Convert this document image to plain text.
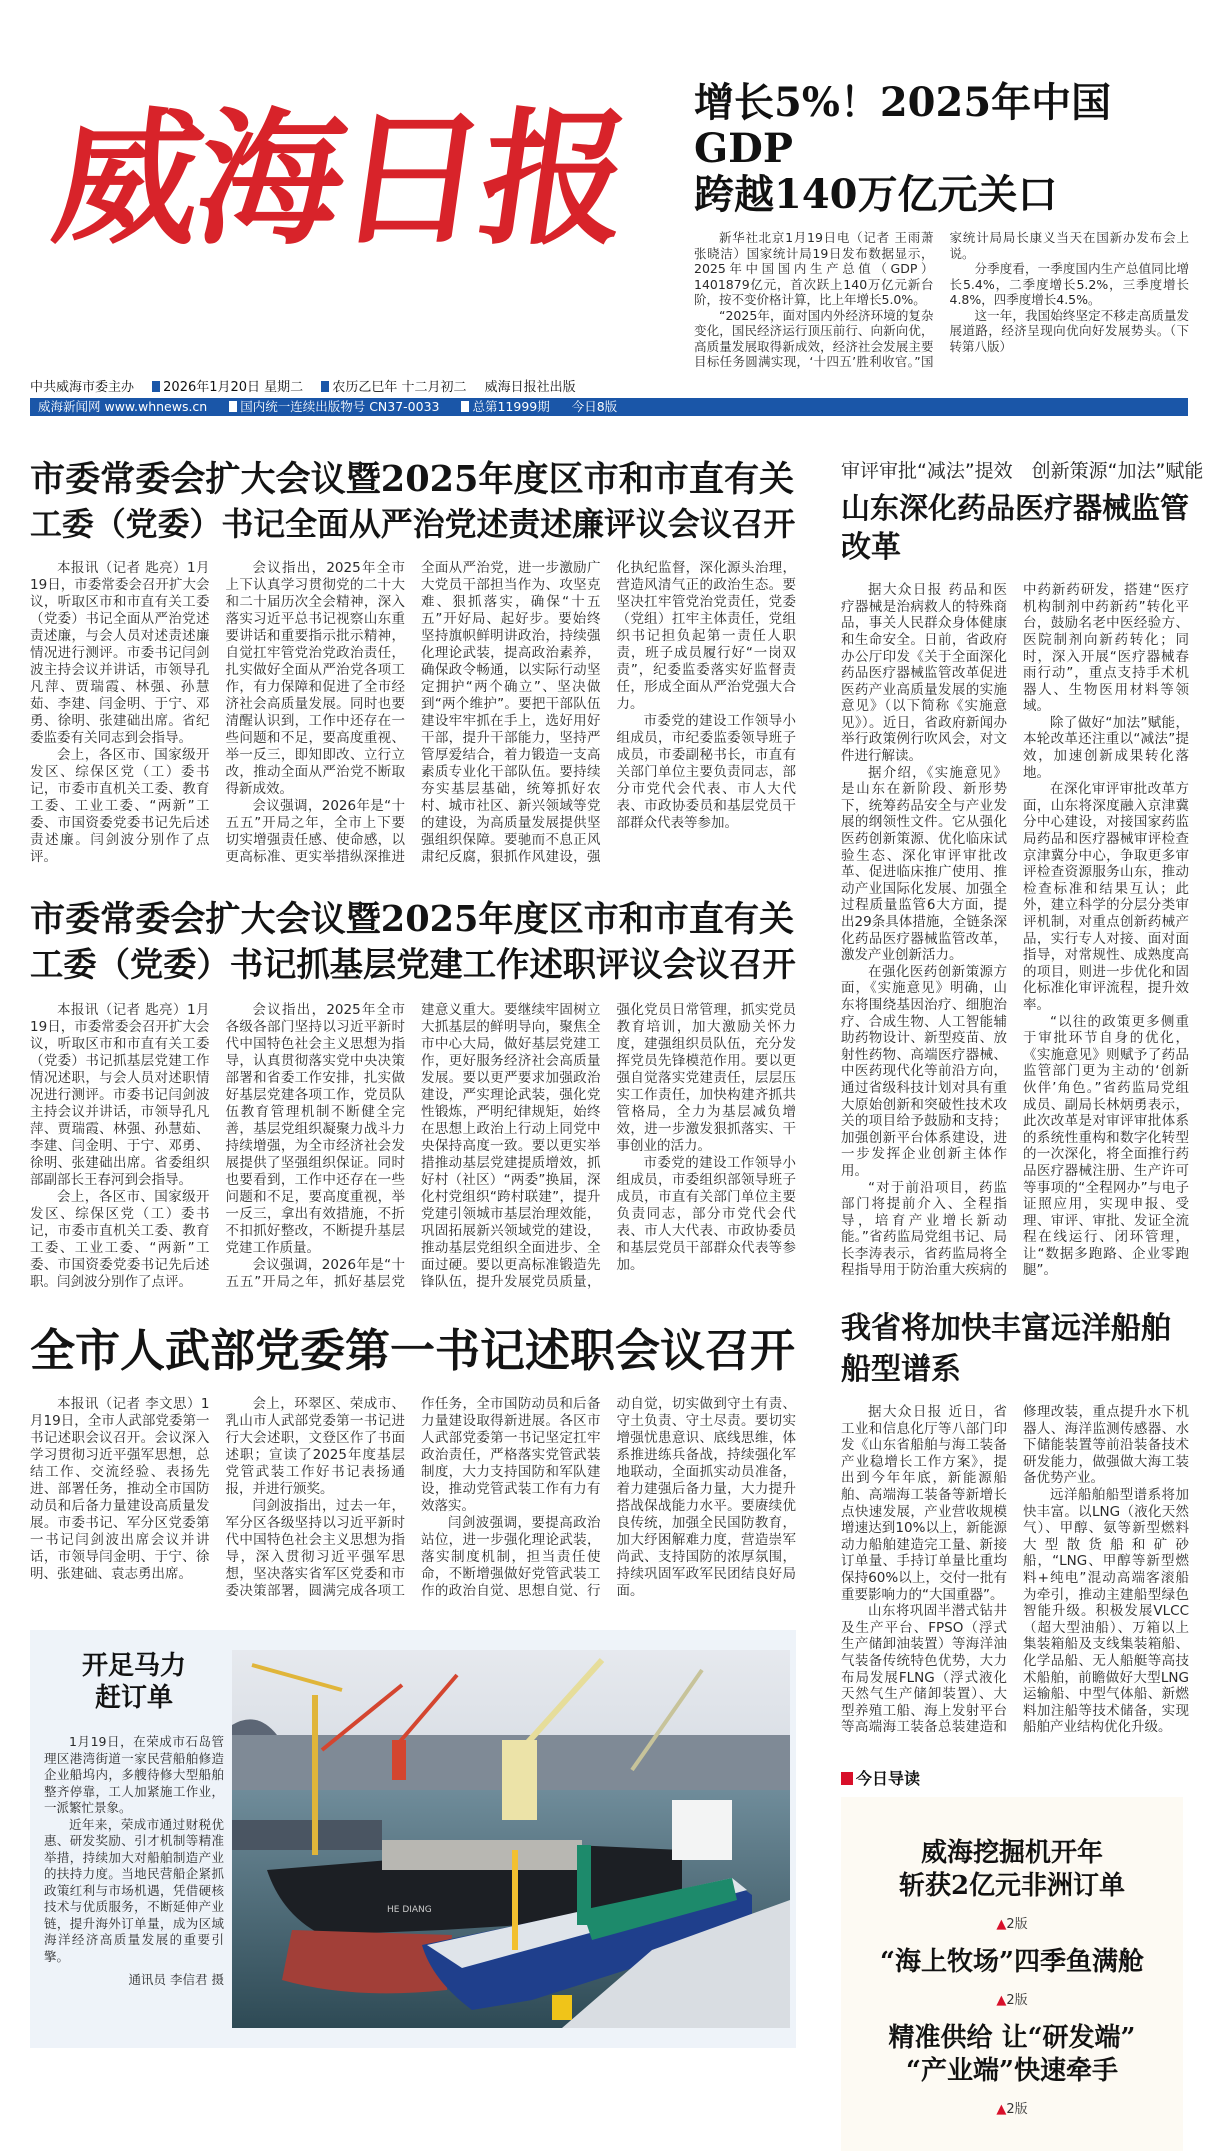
威海日报	增长5%！2025年中国GDP
跨越140万亿元关口

新华社北京1月19日电（记者 王雨萧 张晓洁）国家统计局19日发布数据显示，2025年中国国内生产总值（GDP）1401879亿元，首次跃上140万亿元新台阶，按不变价格计算，比上年增长5.0%。

“2025年，面对国内外经济环境的复杂变化，国民经济运行顶压前行、向新向优，高质量发展取得新成效，经济社会发展主要目标任务圆满实现，‘十四五’胜利收官。”国家统计局局长康义当天在国新办发布会上说。

分季度看，一季度国内生产总值同比增长5.4%，二季度增长5.2%，三季度增长4.8%，四季度增长4.5%。

这一年，我国始终坚定不移走高质量发展道路，经济呈现向优向好发展势头。（下转第八版）

中共威海市委主办 2026年1月20日 星期二 农历乙巳年 十二月初二 威海日报社出版
威海新闻网 www.whnews.cn	国内统一连续出版物号 CN37-0033	总第11999期 今日8版
市委常委会扩大会议暨2025年度区市和市直有关
工委（党委）书记全面从严治党述责述廉评议会议召开

本报讯（记者 匙亮）1月19日，市委常委会召开扩大会议，听取区市和市直有关工委（党委）书记全面从严治党述责述廉，与会人员对述责述廉情况进行测评。市委书记闫剑波主持会议并讲话，市领导孔凡萍、贾瑞霞、林强、孙慧茹、李建、闫金明、于宁、邓勇、徐明、张建础出席。省纪委监委有关同志到会指导。

会上，各区市、国家级开发区、综保区党（工）委书记，市委市直机关工委、教育工委、工业工委、“两新”工委、市国资委党委书记先后述责述廉。闫剑波分别作了点评。

会议指出，2025年全市上下认真学习贯彻党的二十大和二十届历次全会精神，深入落实习近平总书记视察山东重要讲话和重要指示批示精神，自觉扛牢管党治党政治责任，扎实做好全面从严治党各项工作，有力保障和促进了全市经济社会高质量发展。同时也要清醒认识到，工作中还存在一些问题和不足，要高度重视、举一反三，即知即改、立行立改，推动全面从严治党不断取得新成效。

会议强调，2026年是“十五五”开局之年，全市上下要切实增强责任感、使命感，以更高标准、更实举措纵深推进全面从严治党，进一步激励广大党员干部担当作为、攻坚克难、狠抓落实，确保“十五五”开好局、起好步。要始终坚持旗帜鲜明讲政治，持续强化理论武装，提高政治素养，确保政令畅通，以实际行动坚定拥护“两个确立”、坚决做到“两个维护”。要把干部队伍建设牢牢抓在手上，选好用好干部，提升干部能力，坚持严管厚爱结合，着力锻造一支高素质专业化干部队伍。要持续夯实基层基础，统筹抓好农村、城市社区、新兴领域等党的建设，为高质量发展提供坚强组织保障。要驰而不息正风肃纪反腐，狠抓作风建设，强化执纪监督，深化源头治理，营造风清气正的政治生态。要坚决扛牢管党治党责任，党委（党组）扛牢主体责任，党组织书记担负起第一责任人职责，班子成员履行好“一岗双责”，纪委监委落实好监督责任，形成全面从严治党强大合力。

市委党的建设工作领导小组成员，市纪委监委领导班子成员，市委副秘书长，市直有关部门单位主要负责同志，部分市党代会代表、市人大代表、市政协委员和基层党员干部群众代表等参加。

市委常委会扩大会议暨2025年度区市和市直有关
工委（党委）书记抓基层党建工作述职评议会议召开

本报讯（记者 匙亮）1月19日，市委常委会召开扩大会议，听取区市和市直有关工委（党委）书记抓基层党建工作情况述职，与会人员对述职情况进行测评。市委书记闫剑波主持会议并讲话，市领导孔凡萍、贾瑞霞、林强、孙慧茹、李建、闫金明、于宁、邓勇、徐明、张建础出席。省委组织部副部长王春河到会指导。

会上，各区市、国家级开发区、综保区党（工）委书记，市委市直机关工委、教育工委、工业工委、“两新”工委、市国资委党委书记先后述职。闫剑波分别作了点评。

会议指出，2025年全市各级各部门坚持以习近平新时代中国特色社会主义思想为指导，认真贯彻落实党中央决策部署和省委工作安排，扎实做好基层党建各项工作，党员队伍教育管理机制不断健全完善，基层党组织凝聚力战斗力持续增强，为全市经济社会发展提供了坚强组织保证。同时也要看到，工作中还存在一些问题和不足，要高度重视，举一反三，拿出有效措施，不折不扣抓好整改，不断提升基层党建工作质量。

会议强调，2026年是“十五五”开局之年，抓好基层党建意义重大。要继续牢固树立大抓基层的鲜明导向，聚焦全市中心大局，做好基层党建工作，更好服务经济社会高质量发展。要以更严要求加强政治建设，严实理论武装，强化党性锻炼，严明纪律规矩，始终在思想上政治上行动上同党中央保持高度一致。要以更实举措推动基层党建提质增效，抓好村（社区）“两委”换届，深化村党组织“跨村联建”，提升党建引领城市基层治理效能，巩固拓展新兴领域党的建设，推动基层党组织全面进步、全面过硬。要以更高标准锻造先锋队伍，提升发展党员质量，强化党员日常管理，抓实党员教育培训，加大激励关怀力度，建强组织员队伍，充分发挥党员先锋模范作用。要以更强自觉落实党建责任，层层压实工作责任，加快构建齐抓共管格局，全力为基层减负增效，进一步激发狠抓落实、干事创业的活力。

市委党的建设工作领导小组成员，市委组织部领导班子成员，市直有关部门单位主要负责同志，部分市党代会代表、市人大代表、市政协委员和基层党员干部群众代表等参加。

全市人武部党委第一书记述职会议召开

本报讯（记者 李文思）1月19日，全市人武部党委第一书记述职会议召开。会议深入学习贯彻习近平强军思想，总结工作、交流经验、表扬先进、部署任务，推动全市国防动员和后备力量建设高质量发展。市委书记、军分区党委第一书记闫剑波出席会议并讲话，市领导闫金明、于宁、徐明、张建础、袁志勇出席。

会上，环翠区、荣成市、乳山市人武部党委第一书记进行大会述职，文登区作了书面述职；宣读了2025年度基层党管武装工作好书记表扬通报，并进行颁奖。

闫剑波指出，过去一年，军分区各级坚持以习近平新时代中国特色社会主义思想为指导，深入贯彻习近平强军思想，坚决落实省军区党委和市委决策部署，圆满完成各项工作任务，全市国防动员和后备力量建设取得新进展。各区市人武部党委第一书记坚定扛牢政治责任，严格落实党管武装制度，大力支持国防和军队建设，推动党管武装工作有力有效落实。

闫剑波强调，要提高政治站位，进一步强化理论武装，落实制度机制，担当责任使命，不断增强做好党管武装工作的政治自觉、思想自觉、行动自觉，切实做到守土有责、守土负责、守土尽责。要切实增强忧患意识、底线思维，体系推进练兵备战，持续强化军地联动，全面抓实动员准备，着力建强后备力量，大力提升搭战保战能力水平。要赓续优良传统，加强全民国防教育，加大纾困解难力度，营造崇军尚武、支持国防的浓厚氛围，持续巩固军政军民团结良好局面。

开足马力
赶订单

1月19日，在荣成市石岛管理区港湾街道一家民营船舶修造企业船坞内，多艘待修大型船舶整齐停靠，工人加紧施工作业，一派繁忙景象。

近年来，荣成市通过财税优惠、研发奖励、引才机制等精准举措，持续加大对船舶制造产业的扶持力度。当地民营船企紧抓政策红利与市场机遇，凭借硬核技术与优质服务，不断延伸产业链，提升海外订单量，成为区域海洋经济高质量发展的重要引擎。

通讯员 李信君 摄
HE DIANG
审评审批“减法”提效　创新策源“加法”赋能
山东深化药品医疗器械监管
改革

据大众日报 药品和医疗器械是治病救人的特殊商品，事关人民群众身体健康和生命安全。日前，省政府办公厅印发《关于全面深化药品医疗器械监管改革促进医药产业高质量发展的实施意见》（以下简称《实施意见》）。近日，省政府新闻办举行政策例行吹风会，对文件进行解读。

据介绍，《实施意见》是山东在新阶段、新形势下，统筹药品安全与产业发展的纲领性文件。它从强化医药创新策源、优化临床试验生态、深化审评审批改革、促进临床推广使用、推动产业国际化发展、加强全过程质量监管6大方面，提出29条具体措施，全链条深化药品医疗器械监管改革，激发产业创新活力。

在强化医药创新策源方面，《实施意见》明确，山东将围绕基因治疗、细胞治疗、合成生物、人工智能辅助药物设计、新型疫苗、放射性药物、高端医疗器械、中医药现代化等前沿方向，通过省级科技计划对具有重大原始创新和突破性技术攻关的项目给予鼓励和支持；加强创新平台体系建设，进一步发挥企业创新主体作用。

“对于前沿项目，药监部门将提前介入、全程指导，培育产业增长新动能。”省药监局党组书记、局长李涛表示，省药监局将全程指导用于防治重大疾病的中药新药研发，搭建“医疗机构制剂中药新药”转化平台，鼓励名老中医经验方、医院制剂向新药转化；同时，深入开展“医疗器械春雨行动”，重点支持手术机器人、生物医用材料等领域。

除了做好“加法”赋能，本轮改革还注重以“减法”提效，加速创新成果转化落地。

在深化审评审批改革方面，山东将深度融入京津冀分中心建设，对接国家药监局药品和医疗器械审评检查京津冀分中心，争取更多审评检查资源服务山东，推动检查标准和结果互认；此外，建立科学的分层分类审评机制，对重点创新药械产品，实行专人对接、面对面指导，对常规性、成熟度高的项目，则进一步优化和固化标准化审评流程，提升效率。

“以往的政策更多侧重于审批环节自身的优化，《实施意见》则赋予了药品监管部门更为主动的‘创新伙伴’角色。”省药监局党组成员、副局长林炳勇表示，此次改革是对审评审批体系的系统性重构和数字化转型的一次深化，将全面推行药品医疗器械注册、生产许可等事项的“全程网办”与电子证照应用，实现申报、受理、审评、审批、发证全流程在线运行、闭环管理，让“数据多跑路、企业零跑腿”。

我省将加快丰富远洋船舶
船型谱系

据大众日报 近日，省工业和信息化厅等八部门印发《山东省船舶与海工装备产业稳增长工作方案》，提出到今年年底，新能源船舶、高端海工装备等新增长点快速发展，产业营收规模增速达到10%以上，新能源动力船舶建造完工量、新接订单量、手持订单量比重均保持60%以上，交付一批有重要影响力的“大国重器”。

山东将巩固半潜式钻井及生产平台、FPSO（浮式生产储卸油装置）等海洋油气装备传统特色优势，大力布局发展FLNG（浮式液化天然气生产储卸装置）、大型养殖工船、海上发射平台等高端海工装备总装建造和修理改装，重点提升水下机器人、海洋监测传感器、水下储能装置等前沿装备技术研发能力，做强做大海工装备优势产业。

远洋船舶船型谱系将加快丰富。以LNG（液化天然气）、甲醇、氨等新型燃料大型散货船和矿砂船，“LNG、甲醇等新型燃料+纯电”混动高端客滚船为牵引，推动主建船型绿色智能升级。积极发展VLCC（超大型油船）、万箱以上集装箱船及支线集装箱船、化学品船、无人船艇等高技术船舶，前瞻做好大型LNG运输船、中型气体船、新燃料加注船等技术储备，实现船舶产业结构优化升级。

今日导读
威海挖掘机开年
斩获2亿元非洲订单
▲2版
“海上牧场”四季鱼满舱
▲2版
精准供给 让“研发端”
“产业端”快速牵手
▲2版
